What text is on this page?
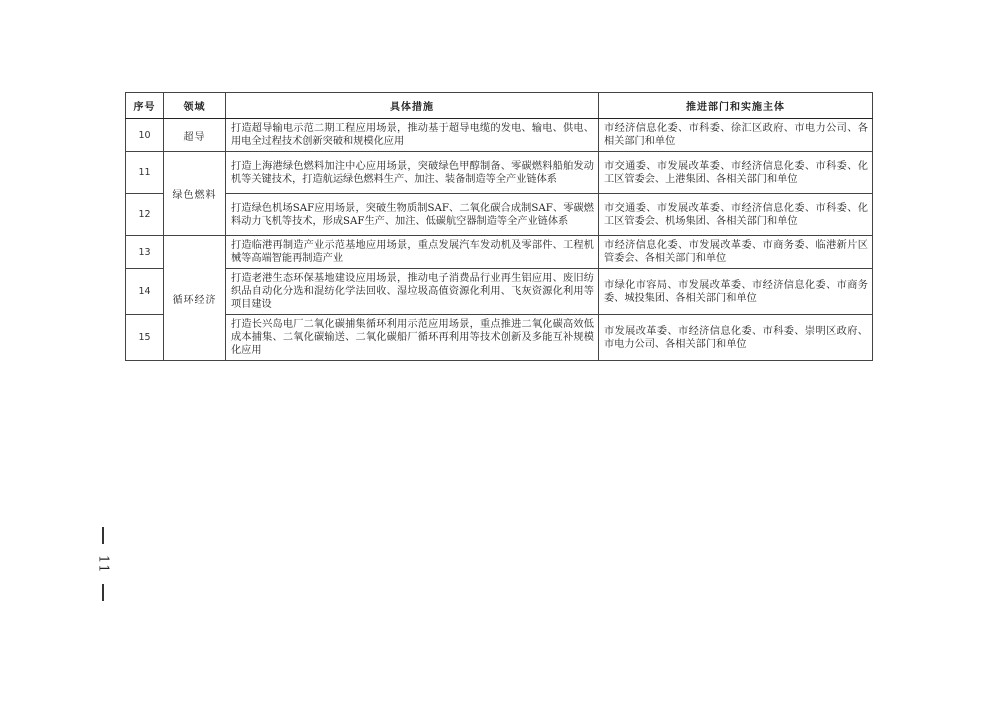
序号	领域	具体措施	推进部门和实施主体
10	超导	打造超导输电示范二期工程应用场景，推动基于超导电缆的发电、输电、供电、用电全过程技术创新突破和规模化应用	市经济信息化委、市科委、徐汇区政府、市电力公司、各相关部门和单位
11	绿色燃料	打造上海港绿色燃料加注中心应用场景，突破绿色甲醇制备、零碳燃料船舶发动机等关键技术，打造航运绿色燃料生产、加注、装备制造等全产业链体系	市交通委、市发展改革委、市经济信息化委、市科委、化工区管委会、上港集团、各相关部门和单位
12		打造绿色机场SAF应用场景，突破生物质制SAF、二氧化碳合成制SAF、零碳燃料动力飞机等技术，形成SAF生产、加注、低碳航空器制造等全产业链体系	市交通委、市发展改革委、市经济信息化委、市科委、化工区管委会、机场集团、各相关部门和单位
13	循环经济	打造临港再制造产业示范基地应用场景，重点发展汽车发动机及零部件、工程机械等高端智能再制造产业	市经济信息化委、市发展改革委、市商务委、临港新片区管委会、各相关部门和单位
14		打造老港生态环保基地建设应用场景，推动电子消费品行业再生铝应用、废旧纺织品自动化分选和混纺化学法回收、湿垃圾高值资源化利用、飞灰资源化利用等项目建设	市绿化市容局、市发展改革委、市经济信息化委、市商务委、城投集团、各相关部门和单位
15		打造长兴岛电厂二氧化碳捕集循环利用示范应用场景，重点推进二氧化碳高效低成本捕集、二氧化碳输送、二氧化碳船厂循环再利用等技术创新及多能互补规模化应用	市发展改革委、市经济信息化委、市科委、崇明区政府、市电力公司、各相关部门和单位
11
